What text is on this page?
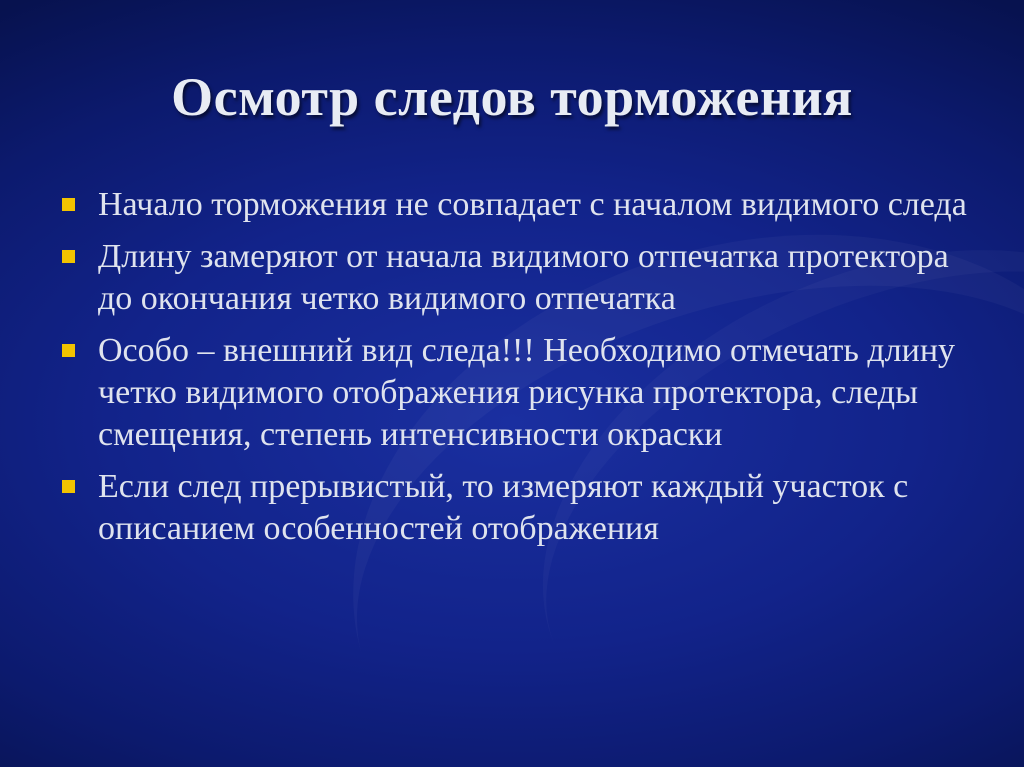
Осмотр следов торможения
Начало торможения не совпадает с началом видимого следа
Длину замеряют от начала видимого отпечатка протектора до окончания четко видимого отпечатка
Особо – внешний вид следа!!! Необходимо отмечать длину четко видимого отображения рисунка протектора, следы смещения, степень интенсивности окраски
Если след прерывистый, то измеряют каждый участок с описанием особенностей отображения
